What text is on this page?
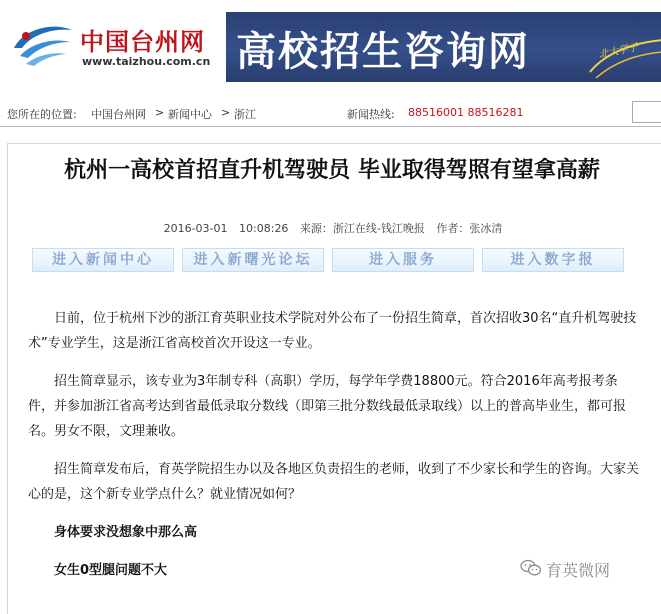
中国台州网
www.taizhou.com.cn 高校招生咨询网	北大学子
您所在的位置: 中国台州网 > 新闻中心 > 浙江	新闻热线: 88516001 88516281
杭州一高校首招直升机驾驶员 毕业取得驾照有望拿高薪
2016-03-01 10:08:26 来源：浙江在线-钱江晚报 作者：张冰清
进入新闻中心	进入新曙光论坛	进入服务	进入数字报

日前，位于杭州下沙的浙江育英职业技术学院对外公布了一份招生简章，首次招收30名“直升机驾驶技术”专业学生，这是浙江省高校首次开设这一专业。

招生简章显示，该专业为3年制专科（高职）学历，每学年学费18800元。符合2016年高考报考条件，并参加浙江省高考达到省最低录取分数线（即第三批分数线最低录取线）以上的普高毕业生，都可报名。男女不限，文理兼收。

招生简章发布后，育英学院招生办以及各地区负责招生的老师，收到了不少家长和学生的咨询。大家关心的是，这个新专业学点什么？就业情况如何？

身体要求没想象中那么高

女生0型腿问题不大	育英微网
